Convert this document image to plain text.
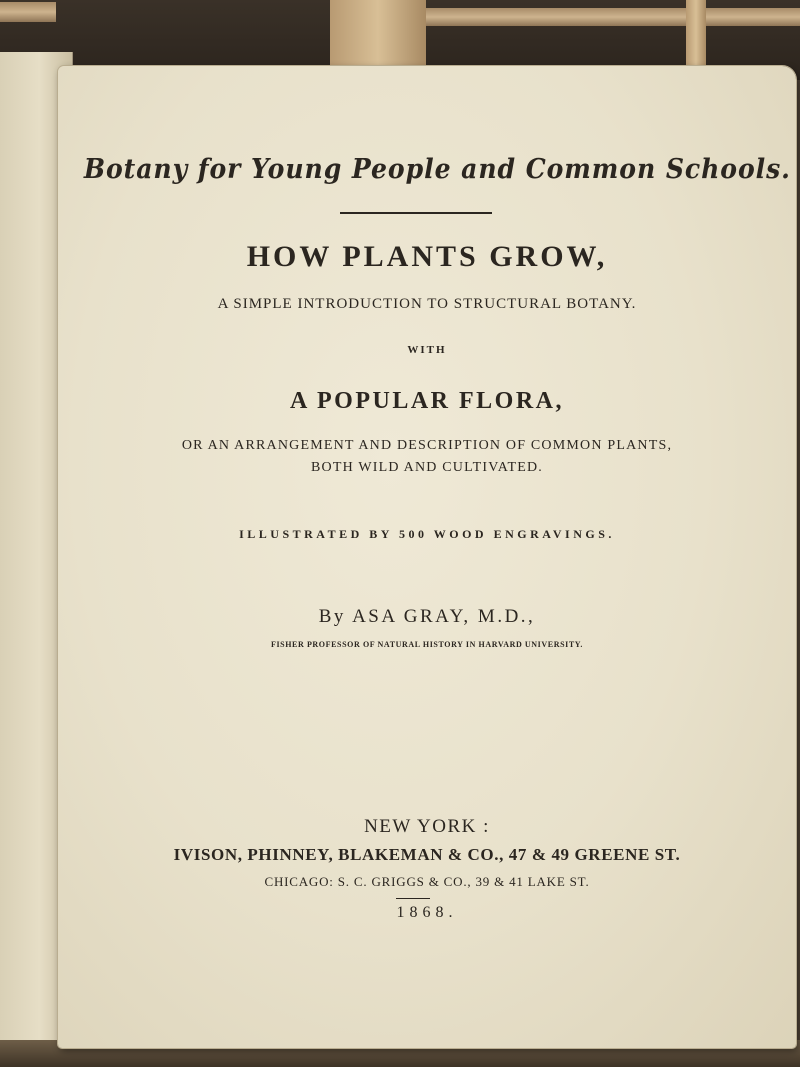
Botany for Young People and Common Schools.
HOW PLANTS GROW,
A SIMPLE INTRODUCTION TO STRUCTURAL BOTANY.
WITH
A POPULAR FLORA,
OR AN ARRANGEMENT AND DESCRIPTION OF COMMON PLANTS,
BOTH WILD AND CULTIVATED.
ILLUSTRATED BY 500 WOOD ENGRAVINGS.
By ASA GRAY, M.D.,
FISHER PROFESSOR OF NATURAL HISTORY IN HARVARD UNIVERSITY.
NEW YORK :
IVISON, PHINNEY, BLAKEMAN & CO., 47 & 49 GREENE ST.
CHICAGO: S. C. GRIGGS & CO., 39 & 41 LAKE ST.
1868.
